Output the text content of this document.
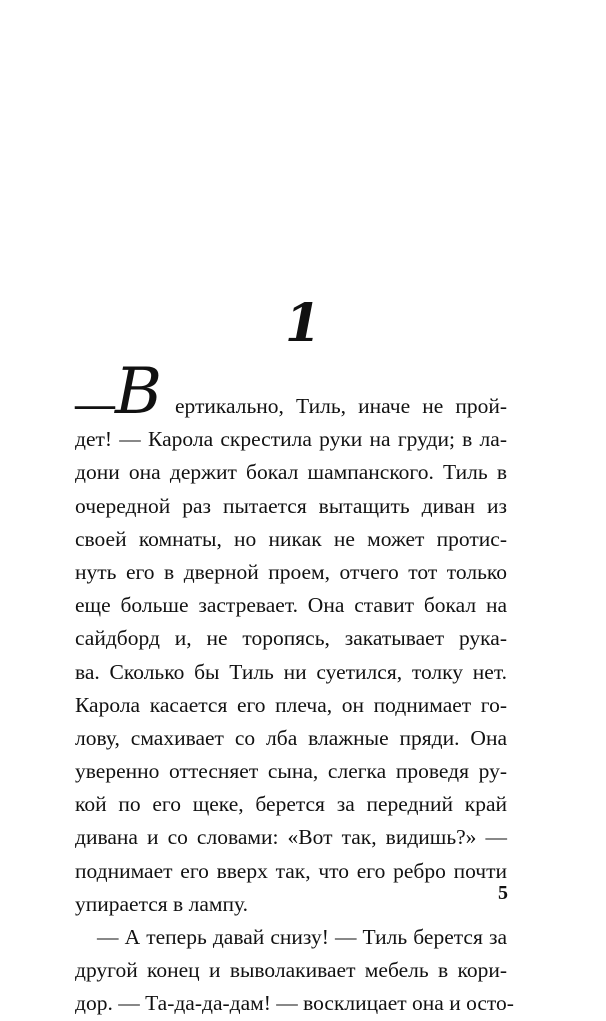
1
— В ертикально, Тиль, иначе не прой-
дет! — Карола скрестила руки на груди; в ла-
дони она держит бокал шампанского. Тиль в
очередной раз пытается вытащить диван из
своей комнаты, но никак не может протис-
нуть его в дверной проем, отчего тот только
еще больше застревает. Она ставит бокал на
сайдборд и, не торопясь, закатывает рука-
ва. Сколько бы Тиль ни суетился, толку нет.
Карола касается его плеча, он поднимает го-
лову, смахивает со лба влажные пряди. Она
уверенно оттесняет сына, слегка проведя ру-
кой по его щеке, берется за передний край
дивана и со словами: «Вот так, видишь?» —
поднимает его вверх так, что его ребро почти
упирается в лампу.
— А теперь давай снизу! — Тиль берется за
другой конец и выволакивает мебель в кори-
дор. — Та-да-да-дам! — восклицает она и осто-
5
